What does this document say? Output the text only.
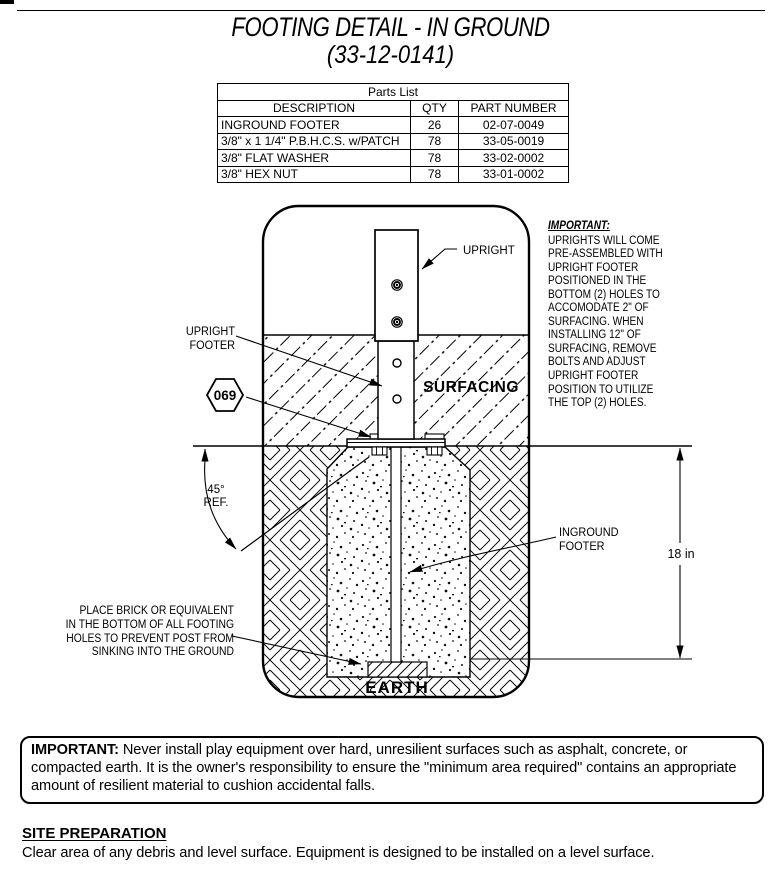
FOOTING DETAIL - IN GROUND
(33-12-0141)
Parts List		
DESCRIPTION	QTY	PART NUMBER
INGROUND FOOTER	26	02-07-0049
3/8" x 1 1/4" P.B.H.C.S. w/PATCH	78	33-05-0019
3/8" FLAT WASHER	78	33-02-0002
3/8" HEX NUT	78	33-01-0002
45°
REF.
069
18 in
SURFACING
EARTH
UPRIGHT
UPRIGHT
FOOTER
INGROUND
FOOTER
PLACE BRICK OR EQUIVALENT
IN THE BOTTOM OF ALL FOOTING
HOLES TO PREVENT POST FROM
SINKING INTO THE GROUND
IMPORTANT:
UPRIGHTS WILL COME
PRE-ASSEMBLED WITH
UPRIGHT FOOTER
POSITIONED IN THE
BOTTOM (2) HOLES TO
ACCOMODATE 2" OF
SURFACING. WHEN
INSTALLING 12" OF
SURFACING, REMOVE
BOLTS AND ADJUST
UPRIGHT FOOTER
POSITION TO UTILIZE
THE TOP (2) HOLES.
IMPORTANT: Never install play equipment over hard, unresilient surfaces such as asphalt, concrete, or compacted earth. It is the owner's responsibility to ensure the "minimum area required" contains an appropriate amount of resilient material to cushion accidental falls.
SITE PREPARATION
Clear area of any debris and level surface. Equipment is designed to be installed on a level surface.
